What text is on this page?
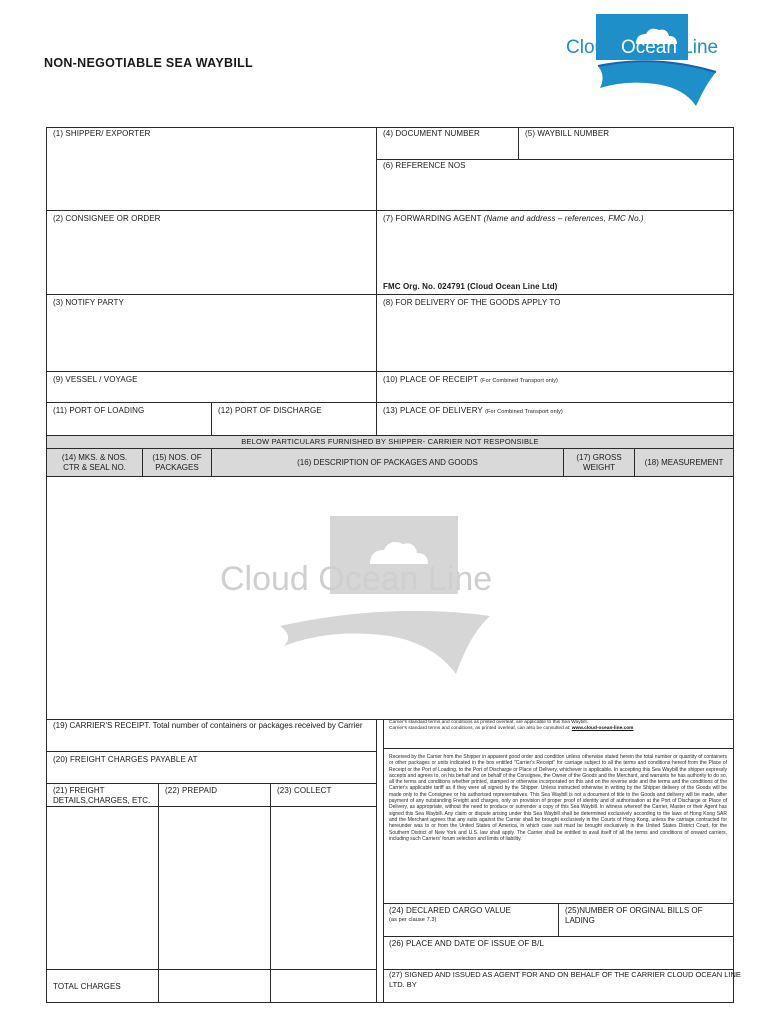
NON-NEGOTIABLE SEA WAYBILL
Cloud Ocean Line
(1) SHIPPER/ EXPORTER	(4) DOCUMENT NUMBER	(5) WAYBILL NUMBER
(6) REFERENCE NOS
(2) CONSIGNEE OR ORDER	(7) FORWARDING AGENT (Name and address – references, FMC No.)
FMC Org. No. 024791 (Cloud Ocean Line Ltd)
(3) NOTIFY PARTY	(8) FOR DELIVERY OF THE GOODS APPLY TO
(9) VESSEL / VOYAGE	(10) PLACE OF RECEIPT (For Combined Transport only)
(11) PORT OF LOADING	(12) PORT OF DISCHARGE	(13) PLACE OF DELIVERY (For Combined Transport only)
BELOW PARTICULARS FURNISHED BY SHIPPER- CARRIER NOT RESPONSIBLE
(14) MKS. & NOS.
CTR & SEAL NO.
(15) NOS. OF
PACKAGES
(16) DESCRIPTION OF PACKAGES AND GOODS
(17) GROSS
WEIGHT
(18) MEASUREMENT
Cloud Ocean Line
(19) CARRIER'S RECEIPT. Total number of containers or packages received by Carrier
(20) FREIGHT CHARGES PAYABLE AT
(21) FREIGHT
DETAILS,CHARGES, ETC.
(22) PREPAID	(23) COLLECT
TOTAL CHARGES
Carrier's standard terms and conditions as printed overleaf, are applicable to this Sea Waybill.
Carrier's standard terms and conditions, as printed overleaf, can also be consulted at: www.cloud-ocean-line.com
Received by the Carrier from the Shipper in apparent good order and condition unless otherwise stated herein the total number or quantity of containers or other packages or units indicated in the box entitled "Carrier's Receipt" for carriage subject to all the terms and conditions hereof from the Place of Receipt or the Port of Loading, to the Port of Discharge or Place of Delivery, whichever is applicable. In accepting this Sea Waybill the shipper expressly accepts and agrees to, on his behalf and on behalf of the Consignee, the Owner of the Goods and the Merchant, and warrants he has authority to do so, all the terms and conditions whether printed, stamped or otherwise incorporated on this and on the reverse side and the terms and the conditions of the Carrier's applicable tariff as if they were all signed by the Shipper. Unless instructed otherwise in writing by the Shipper delivery of the Goods will be made only to the Consignee or his authorised representatives. This Sea Waybill is not a document of title to the Goods and delivery will be made, after payment of any outstanding Freight and charges, only on provision of proper proof of identity and of authorisation at the Port of Discharge or Place of Delivery, as appropriate, without the need to produce or surrender a copy of this Sea Waybill. In witness whereof the Carrier, Master or their Agent has signed this Sea Waybill. Any claim or dispute arising under this Sea Waybill shall be determined exclusively according to the laws of Hong Kong SAR and the Merchant agrees that any suits against the Carrier shall be brought exclusively in the Courts of Hong Kong, unless the carriage contracted for hereunder was to or from the United States of America, in which case suit must be brought exclusively in the United States District Court, for the Southern District of New York and U.S. law shall apply. The Carrier shall be entitled to avail itself of all the terms and conditions of onward carriers, including such Carriers' forum selection and limits of liability.
(24) DECLARED CARGO VALUE
(as per clause 7.3)
(25)NUMBER OF ORGINAL BILLS OF
LADING
(26) PLACE AND DATE OF ISSUE OF B/L
(27) SIGNED AND ISSUED AS AGENT FOR AND ON BEHALF OF THE CARRIER CLOUD OCEAN LINE
LTD. BY
